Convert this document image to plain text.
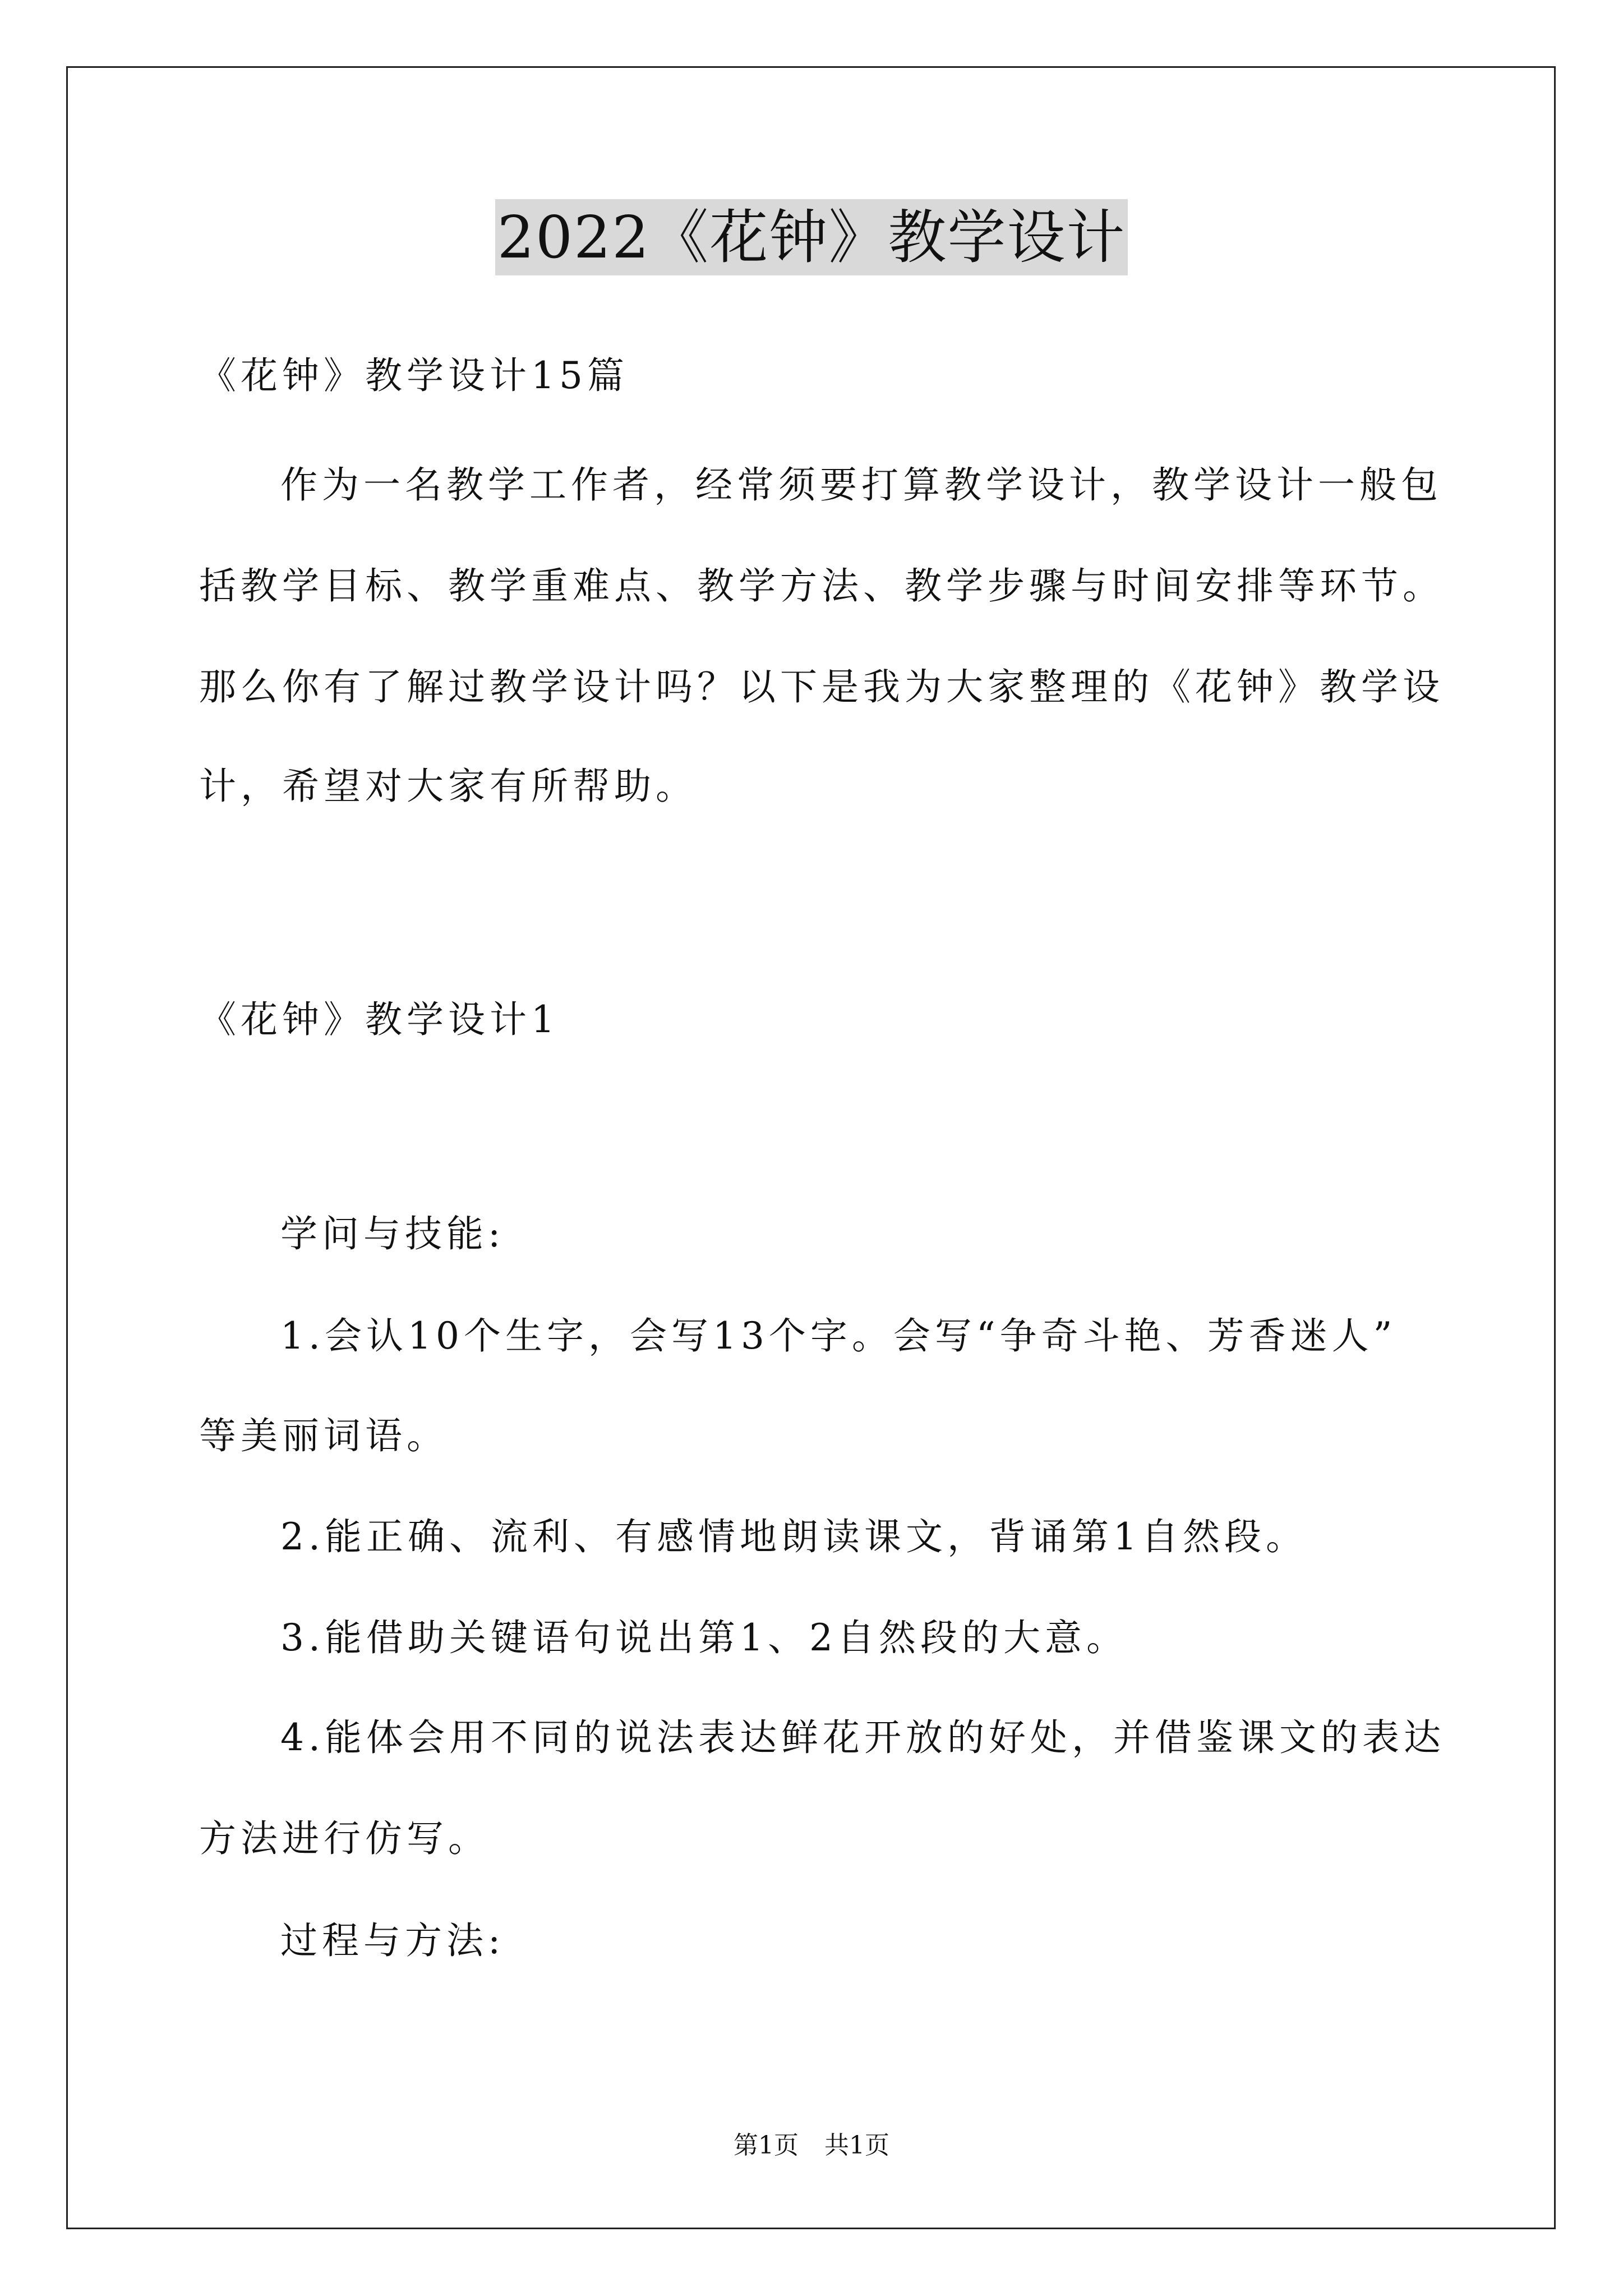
2022《花钟》教学设计
《花钟》教学设计15篇
作为一名教学工作者，经常须要打算教学设计，教学设计一般包
括教学目标、教学重难点、教学方法、教学步骤与时间安排等环节。
那么你有了解过教学设计吗？以下是我为大家整理的《花钟》教学设
计，希望对大家有所帮助。
《花钟》教学设计1
学问与技能:
1.会认10个生字，会写13个字。会写“争奇斗艳、芳香迷人”
等美丽词语。
2.能正确、流利、有感情地朗读课文，背诵第1自然段。
3.能借助关键语句说出第1、2自然段的大意。
4.能体会用不同的说法表达鲜花开放的好处，并借鉴课文的表达
方法进行仿写。
过程与方法:
第1页 共1页
